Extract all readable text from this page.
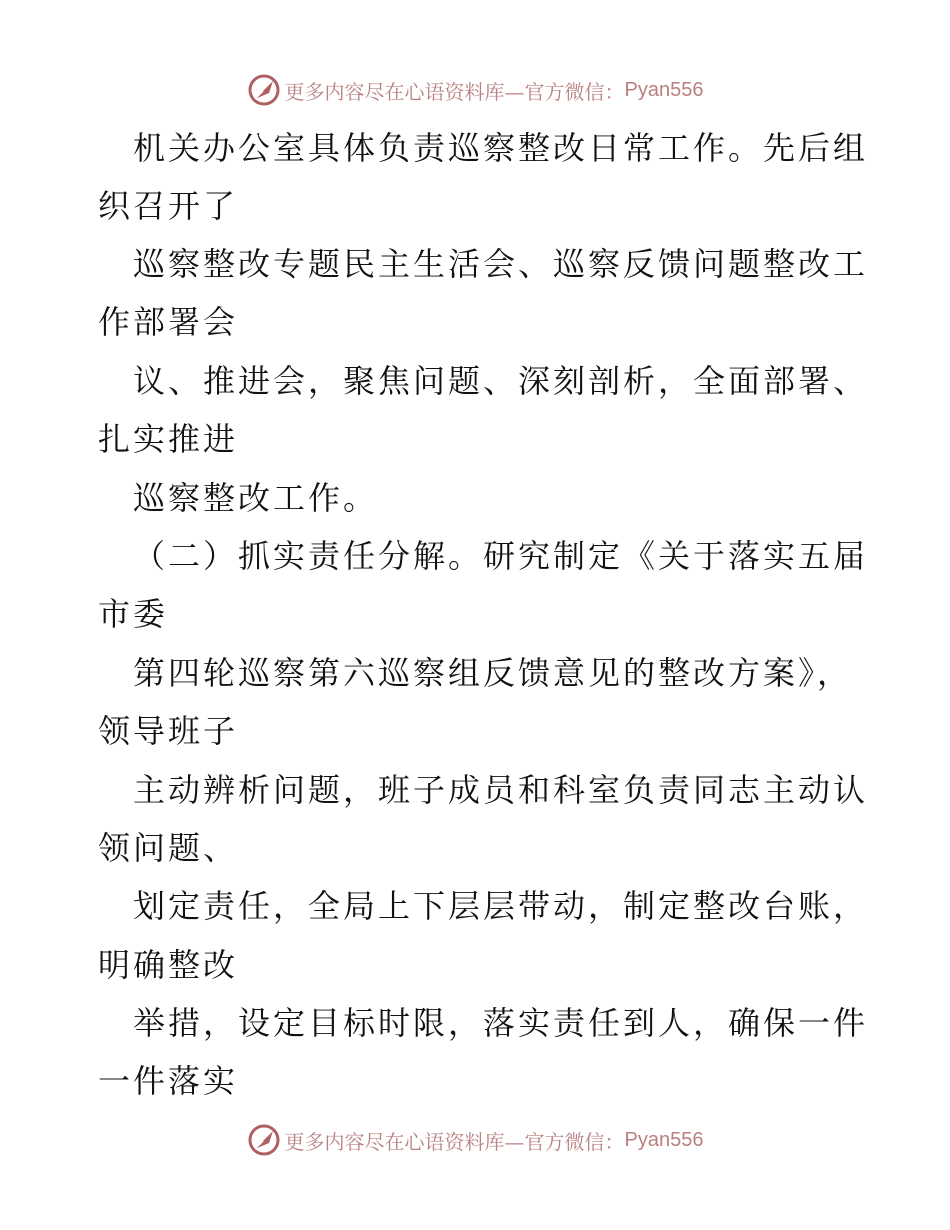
更多内容尽在心语资料库—官方微信： Pyan556
机关办公室具体负责巡察整改日常工作。先后组
织召开了
巡察整改专题民主生活会、巡察反馈问题整改工
作部署会
议、推进会，聚焦问题、深刻剖析，全面部署、
扎实推进
巡察整改工作。
（二）抓实责任分解。研究制定《关于落实五届
市委
第四轮巡察第六巡察组反馈意见的整改方案》，
领导班子
主动辨析问题，班子成员和科室负责同志主动认
领问题、
划定责任，全局上下层层带动，制定整改台账，
明确整改
举措，设定目标时限，落实责任到人，确保一件
一件落实
更多内容尽在心语资料库—官方微信： Pyan556
